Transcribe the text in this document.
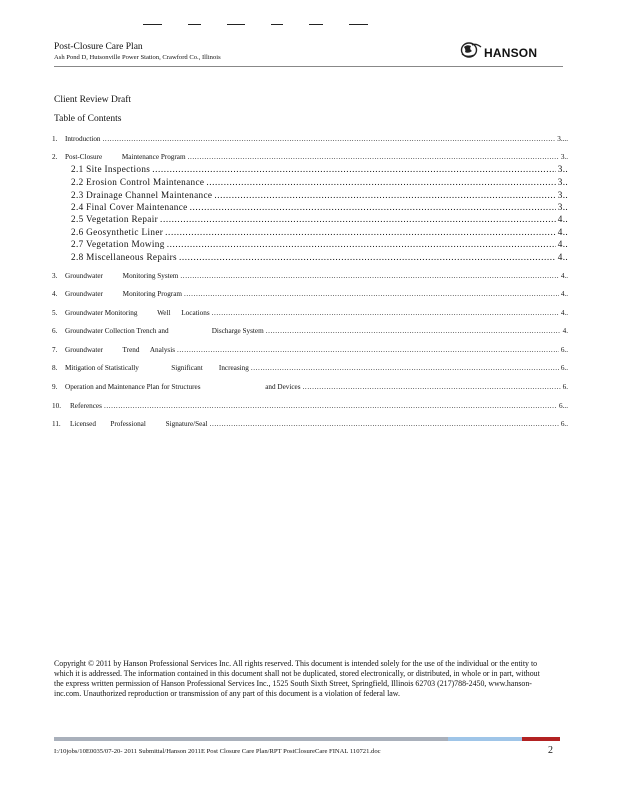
Post-Closure Care Plan
Ash Pond D, Hutsonville Power Station, Crawford Co., Illinois	HANSON
Client Review Draft
Table of Contents
1.	Introduction .....	3....
2.	Post-Closure           Maintenance Program .....	3..
2.1 Site Inspections .....	3..
2.2 Erosion Control Maintenance .....	3..
2.3 Drainage Channel Maintenance .....	3..
2.4 Final Cover Maintenance .....	3..
2.5 Vegetation Repair .....	4..
2.6 Geosynthetic Liner .....	4..
2.7 Vegetation Mowing .....	4..
2.8 Miscellaneous Repairs .....	4..
3.	Groundwater           Monitoring System .....	4..
4.	Groundwater           Monitoring Program .....	4..
5.	Groundwater Monitoring           Well      Locations .....	4..
6.	Groundwater Collection Trench and                        Discharge System .....	4.
7.	Groundwater           Trend      Analysis .....	6..
8.	Mitigation of Statistically                  Significant         Increasing .....	6..
9.	Operation and Maintenance Plan for Structures                                    and Devices .....	6.
10.	References .....	6...
11.	Licensed        Professional           Signature/Seal .....	6..
Copyright © 2011 by Hanson Professional Services Inc. All rights reserved. This document is intended solely for the use of the individual or the entity to which it is addressed. The information contained in this document shall not be duplicated, stored electronically, or distributed, in whole or in part, without the express written permission of Hanson Professional Services Inc., 1525 South Sixth Street, Springfield, Illinois 62703 (217)788-2450, www.hanson-inc.com. Unauthorized reproduction or transmission of any part of this document is a violation of federal law.
I:/10jobs/10E0035/07-20- 2011 Submittal/Hanson 2011E Post Closure Care Plan/RPT PostClosureCare FINAL 110721.doc	2
